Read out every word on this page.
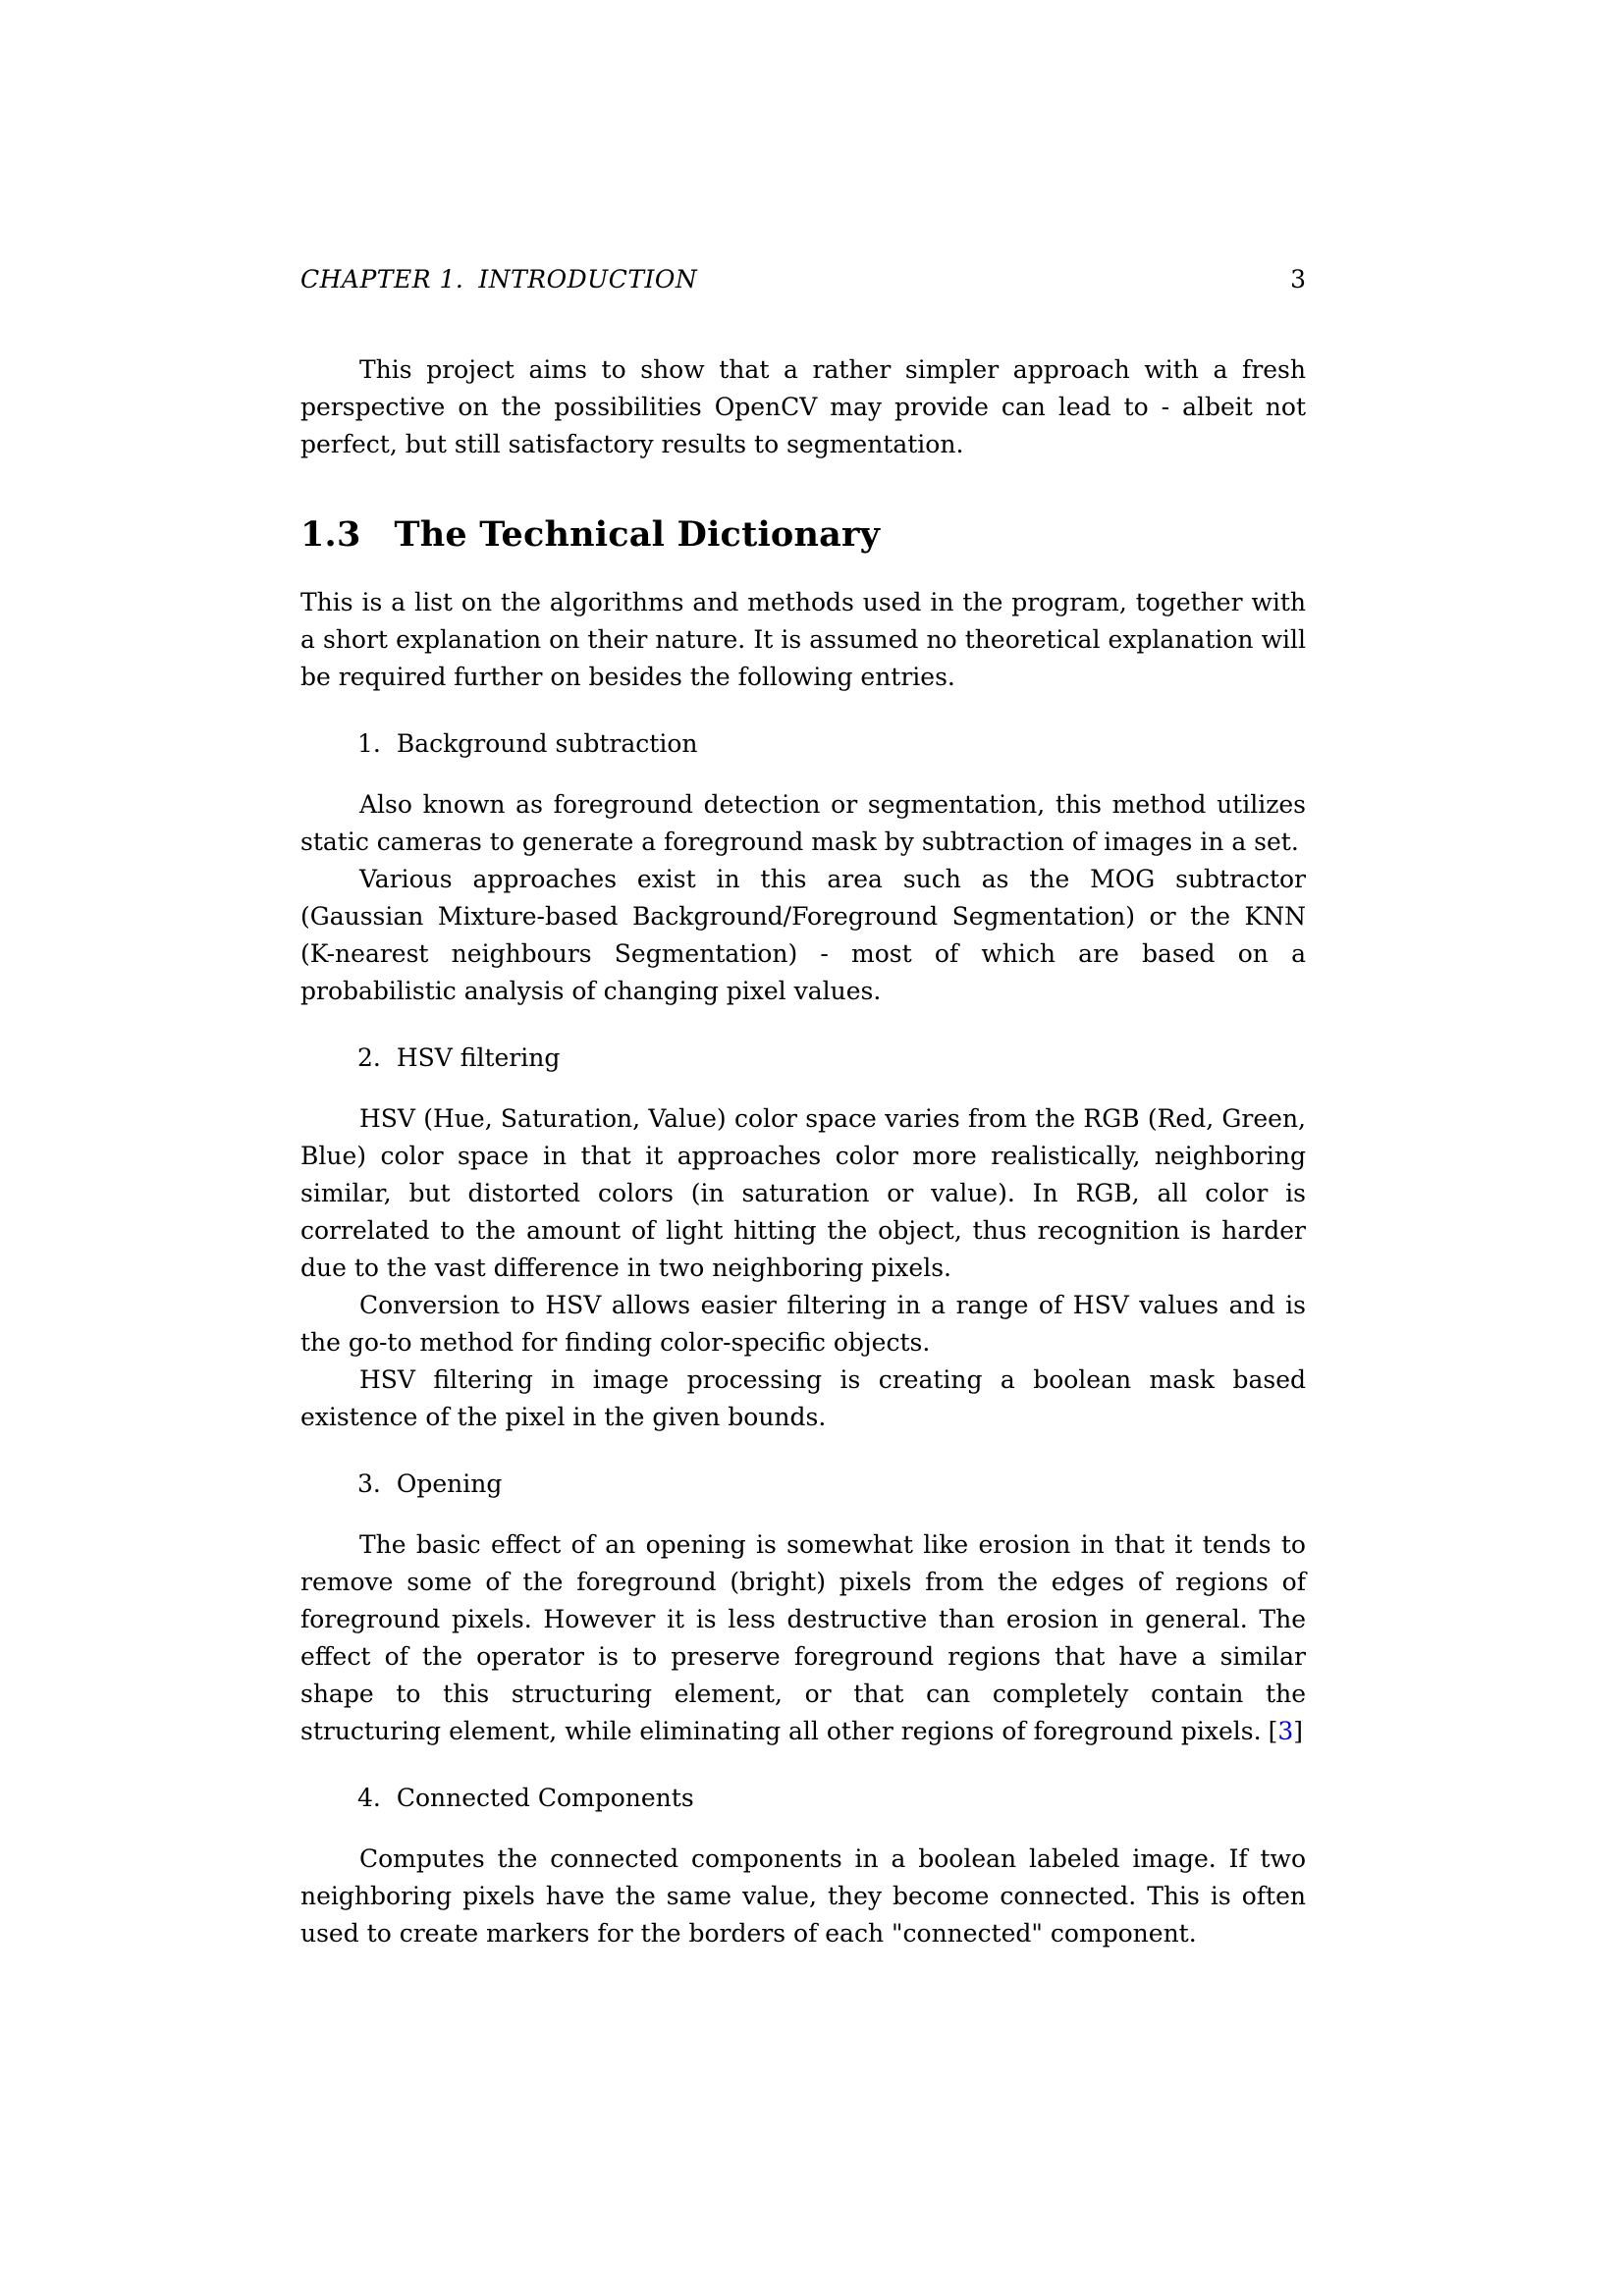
CHAPTER 1. INTRODUCTION	3

This project aims to show that a rather simpler approach with a fresh perspective on the possibilities OpenCV may provide can lead to - albeit not perfect, but still satisfactory results to segmentation.

1.3 The Technical Dictionary

This is a list on the algorithms and methods used in the program, together with a short explanation on their nature. It is assumed no theoretical explanation will be required further on besides the following entries.

1. Background subtraction

Also known as foreground detection or segmentation, this method utilizes static cameras to generate a foreground mask by subtraction of images in a set.

Various approaches exist in this area such as the MOG subtractor (Gaussian Mixture-based Background/Foreground Segmentation) or the KNN (K-nearest neighbours Segmentation) - most of which are based on a probabilistic analysis of changing pixel values.

2. HSV filtering

HSV (Hue, Saturation, Value) color space varies from the RGB (Red, Green, Blue) color space in that it approaches color more realistically, neighboring similar, but distorted colors (in saturation or value). In RGB, all color is correlated to the amount of light hitting the object, thus recognition is harder due to the vast difference in two neighboring pixels.

Conversion to HSV allows easier filtering in a range of HSV values and is the go-to method for finding color-specific objects.

HSV filtering in image processing is creating a boolean mask based existence of the pixel in the given bounds.

3. Opening

The basic effect of an opening is somewhat like erosion in that it tends to remove some of the foreground (bright) pixels from the edges of regions of foreground pixels. However it is less destructive than erosion in general. The effect of the operator is to preserve foreground regions that have a similar shape to this structuring element, or that can completely contain the structuring element, while eliminating all other regions of foreground pixels. [3]

4. Connected Components

Computes the connected components in a boolean labeled image. If two neighboring pixels have the same value, they become connected. This is often used to create markers for the borders of each "connected" component.
